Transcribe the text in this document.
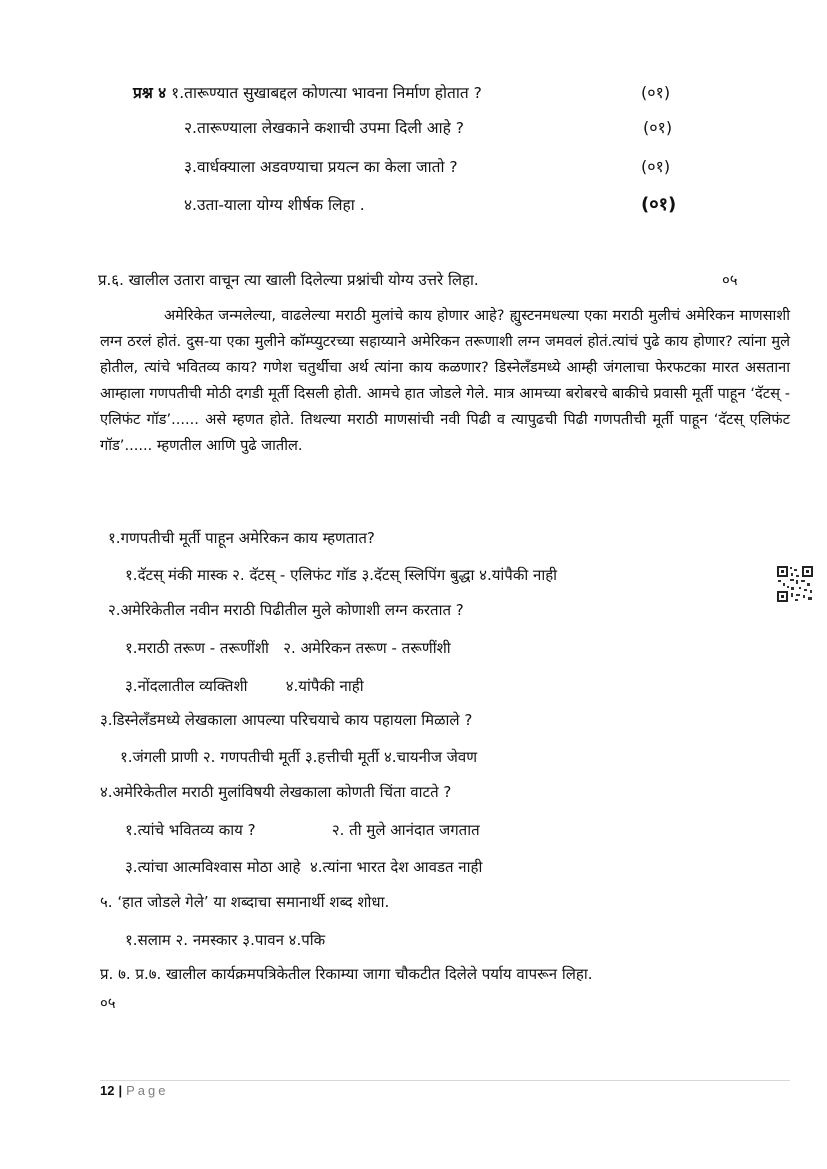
प्रश्न ४ १.तारूण्यात सुखाबद्दल कोणत्या भावना निर्माण होतात ?	(०१)
२.तारूण्याला लेखकाने कशाची उपमा दिली आहे ?	(०१)
३.वार्धक्याला अडवण्याचा प्रयत्न का केला जातो ?	(०१)
४.उता-याला योग्य शीर्षक लिहा .	(०१)
प्र.६. खालील उतारा वाचून त्या खाली दिलेल्या प्रश्नांची योग्य उत्तरे लिहा.	०५
अमेरिकेत जन्मलेल्या, वाढलेल्या मराठी मुलांचे काय होणार आहे? ह्युस्टनमधल्या एका मराठी मुलीचं अमेरिकन माणसाशी लग्न ठरलं होतं. दुस-या एका मुलीने कॉम्प्युटरच्या सहाय्याने अमेरिकन तरूणाशी लग्न जमवलं होतं.त्यांचं पुढे काय होणार? त्यांना मुले होतील, त्यांचे भवितव्य काय? गणेश चतुर्थीचा अर्थ त्यांना काय कळणार? डिस्नेलँडमध्ये आम्ही जंगलाचा फेरफटका मारत असताना आम्हाला गणपतीची मोठी दगडी मूर्ती दिसली होती. आमचे हात जोडले गेले. मात्र आमच्या बरोबरचे बाकीचे प्रवासी मूर्ती पाहून ‘दॅटस् - एलिफंट गॉड’...... असे म्हणत होते. तिथल्या मराठी माणसांची नवी पिढी व त्यापुढची पिढी गणपतीची मूर्ती पाहून ‘दॅटस् एलिफंट गॉड’...... म्हणतील आणि पुढे जातील.
१.गणपतीची मूर्ती पाहून अमेरिकन काय म्हणतात?
१.दॅटस् मंकी मास्क २. दॅटस् - एलिफंट गॉड ३.दॅटस् स्लिपिंग बुद्धा ४.यांपैकी नाही
२.अमेरिकेतील नवीन मराठी पिढीतील मुले कोणाशी लग्न करतात ?
१.मराठी तरूण - तरूणींशी   २. अमेरिकन तरूण - तरूणींशी
३.नोंदलातील व्यक्तिशी        ४.यांपैकी नाही
३.डिस्नेलँडमध्ये लेखकाला आपल्या परिचयाचे काय पहायला मिळाले ?
१.जंगली प्राणी २. गणपतीची मूर्ती ३.हत्तीची मूर्ती ४.चायनीज जेवण
४.अमेरिकेतील मराठी मुलांविषयी लेखकाला कोणती चिंता वाटते ?
१.त्यांचे भवितव्य काय ?                २. ती मुले आनंदात जगतात
३.त्यांचा आत्मविश्वास मोठा आहे  ४.त्यांना भारत देश आवडत नाही
५. ‘हात जोडले गेले’ या शब्दाचा समानार्थी शब्द शोधा.
१.सलाम २. नमस्कार ३.पावन ४.पकि
प्र. ७. प्र.७. खालील कार्यक्रमपत्रिकेतील रिकाम्या जागा चौकटीत दिलेले पर्याय वापरून लिहा.
०५
12 | Page
